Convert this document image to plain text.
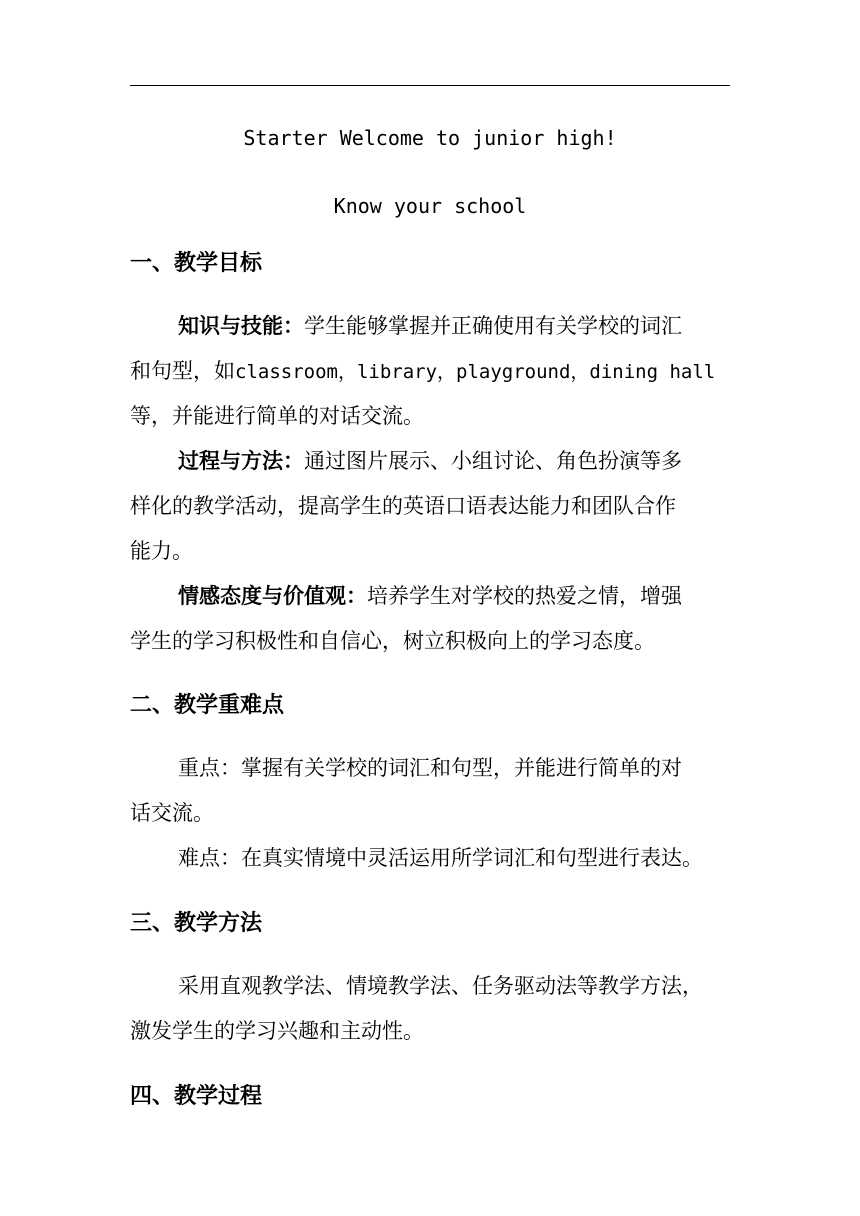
Starter Welcome to junior high!
Know your school
一、教学目标
知识与技能：学生能够掌握并正确使用有关学校的词汇
和句型，如classroom，library，playground，dining hall
等，并能进行简单的对话交流。
过程与方法：通过图片展示、小组讨论、角色扮演等多
样化的教学活动，提高学生的英语口语表达能力和团队合作
能力。
情感态度与价值观：培养学生对学校的热爱之情，增强
学生的学习积极性和自信心，树立积极向上的学习态度。
二、教学重难点
重点：掌握有关学校的词汇和句型，并能进行简单的对
话交流。
难点：在真实情境中灵活运用所学词汇和句型进行表达。
三、教学方法
采用直观教学法、情境教学法、任务驱动法等教学方法，
激发学生的学习兴趣和主动性。
四、教学过程
